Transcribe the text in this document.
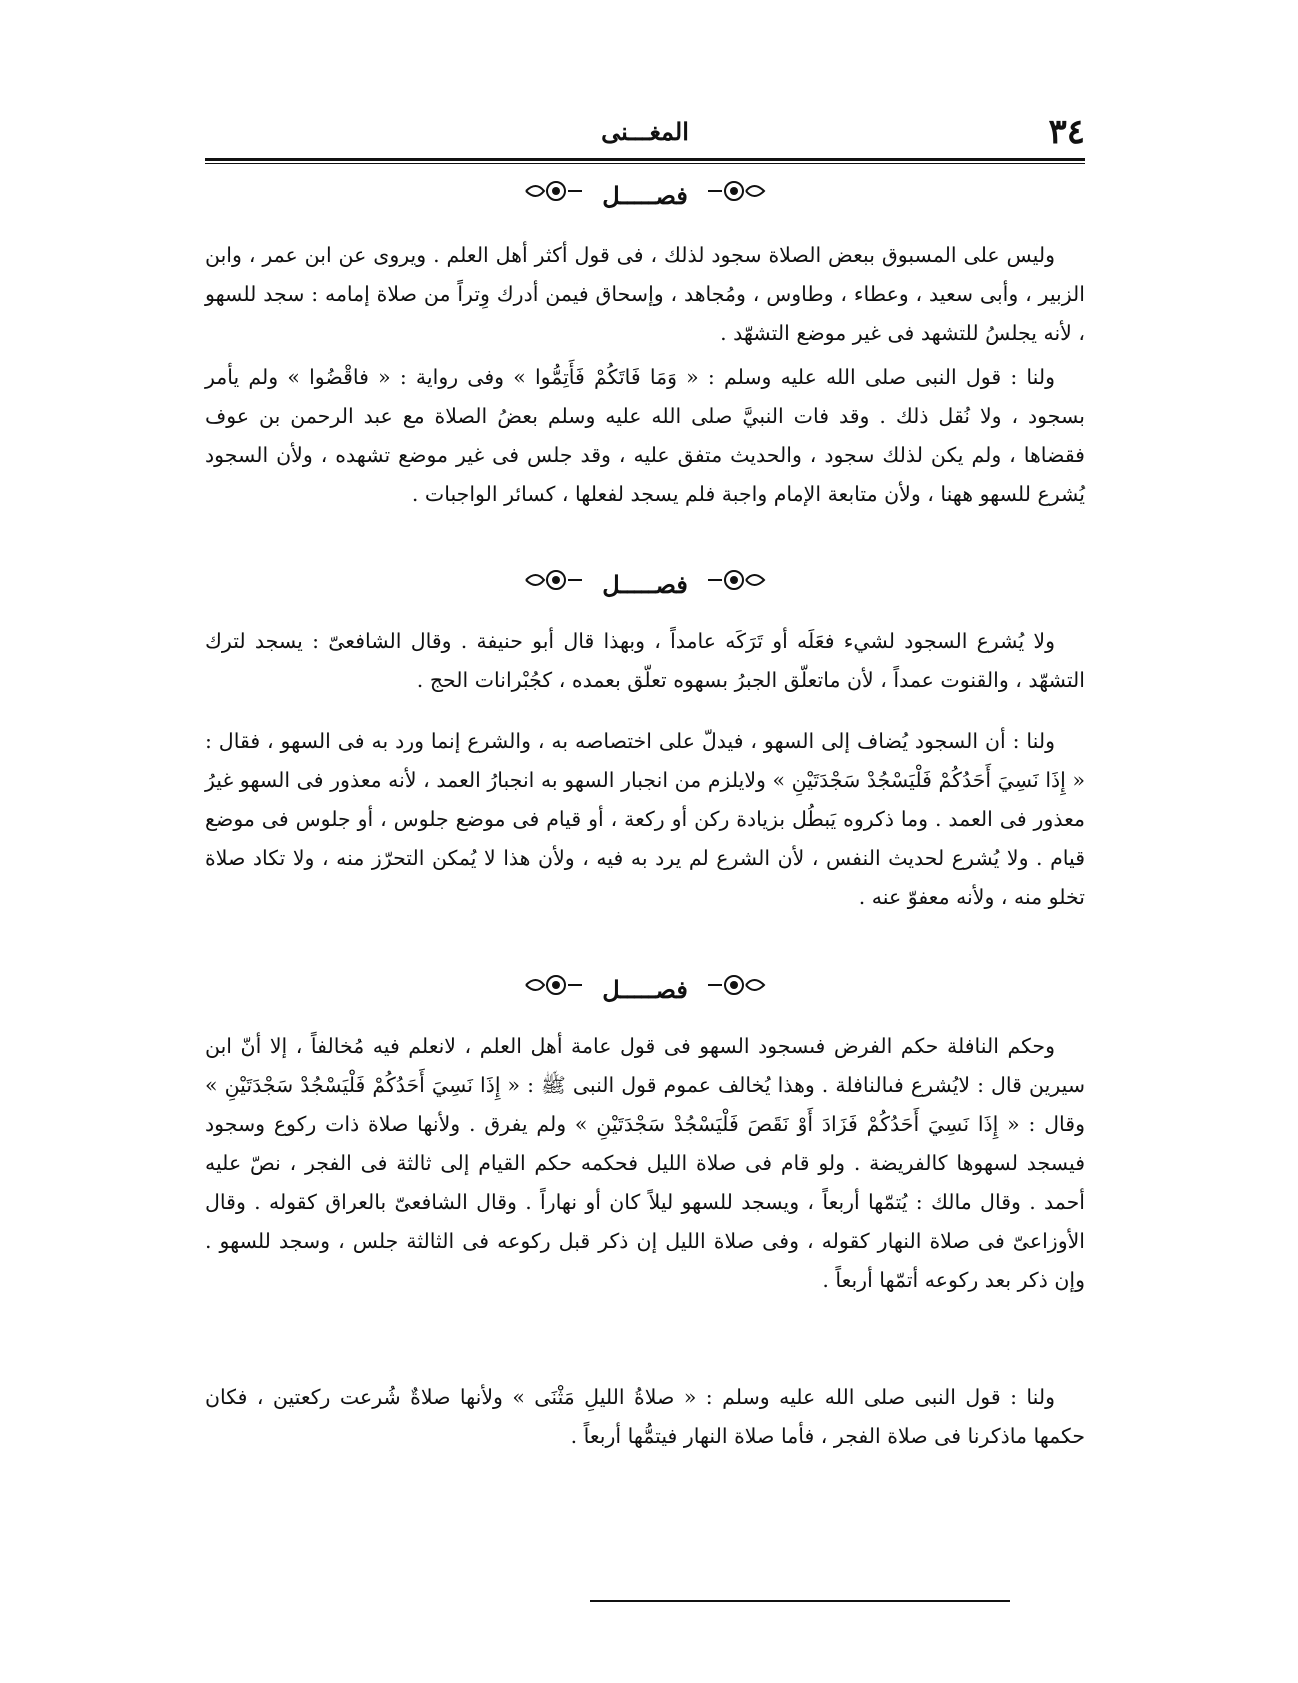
٣٤
المغـــنى
فصـــــل

وليس على المسبوق ببعض الصلاة سجود لذلك ، فى قول أكثر أهل العلم . ويروى عن ابن عمر ، وابن الزبير ، وأبى سعيد ، وعطاء ، وطاوس ، ومُجاهد ، وإسحاق فيمن أدرك وِتراً من صلاة إمامه : سجد للسهو ، لأنه يجلسُ للتشهد فى غير موضع التشهّد .

ولنا : قول النبى صلى الله عليه وسلم : « وَمَا فَاتَكُمْ فَأَتِمُّوا » وفى رواية : « فاقْضُوا » ولم يأمر بسجود ، ولا نُقل ذلك . وقد فات النبيَّ صلى الله عليه وسلم بعضُ الصلاة مع عبد الرحمن بن عوف فقضاها ، ولم يكن لذلك سجود ، والحديث متفق عليه ، وقد جلس فى غير موضع تشهده ، ولأن السجود يُشرع للسهو ههنا ، ولأن متابعة الإمام واجبة فلم يسجد لفعلها ، كسائر الواجبات .

فصـــــل

ولا يُشرع السجود لشيء فعَلَه أو تَرَكَه عامداً ، وبهذا قال أبو حنيفة . وقال الشافعىّ : يسجد لترك التشهّد ، والقنوت عمداً ، لأن ماتعلّق الجبرُ بسهوه تعلّق بعمده ، كجُبْرانات الحج .

ولنا : أن السجود يُضاف إلى السهو ، فيدلّ على اختصاصه به ، والشرع إنما ورد به فى السهو ، فقال : « إِذَا نَسِيَ أَحَدُكُمْ فَلْيَسْجُدْ سَجْدَتَيْنِ » ولايلزم من انجبار السهو به انجبارُ العمد ، لأنه معذور فى السهو غيرُ معذور فى العمد . وما ذكروه يَبطُل بزيادة ركن أو ركعة ، أو قيام فى موضع جلوس ، أو جلوس فى موضع قيام . ولا يُشرع لحديث النفس ، لأن الشرع لم يرد به فيه ، ولأن هذا لا يُمكن التحرّز منه ، ولا تكاد صلاة تخلو منه ، ولأنه معفوّ عنه .

فصـــــل

وحكم النافلة حكم الفرض فىسجود السهو فى قول عامة أهل العلم ، لانعلم فيه مُخالفاً ، إلا أنّ ابن سيرين قال : لايُشرع فىالنافلة . وهذا يُخالف عموم قول النبى ﷺ : « إِذَا نَسِيَ أَحَدُكُمْ فَلْيَسْجُدْ سَجْدَتَيْنِ » وقال : « إِذَا نَسِيَ أَحَدُكُمْ فَزَادَ أَوْ نَقَصَ فَلْيَسْجُدْ سَجْدَتَيْنِ » ولم يفرق . ولأنها صلاة ذات ركوع وسجود فيسجد لسهوها كالفريضة . ولو قام فى صلاة الليل فحكمه حكم القيام إلى ثالثة فى الفجر ، نصّ عليه أحمد . وقال مالك : يُتمّها أربعاً ، ويسجد للسهو ليلاً كان أو نهاراً . وقال الشافعىّ بالعراق كقوله . وقال الأوزاعىّ فى صلاة النهار كقوله ، وفى صلاة الليل إن ذكر قبل ركوعه فى الثالثة جلس ، وسجد للسهو . وإن ذكر بعد ركوعه أتمّها أربعاً .

ولنا : قول النبى صلى الله عليه وسلم : « صلاةُ الليلِ مَثْنَى » ولأنها صلاةٌ شُرعت ركعتين ، فكان حكمها ماذكرنا فى صلاة الفجر ، فأما صلاة النهار فيتمُّها أربعاً .
